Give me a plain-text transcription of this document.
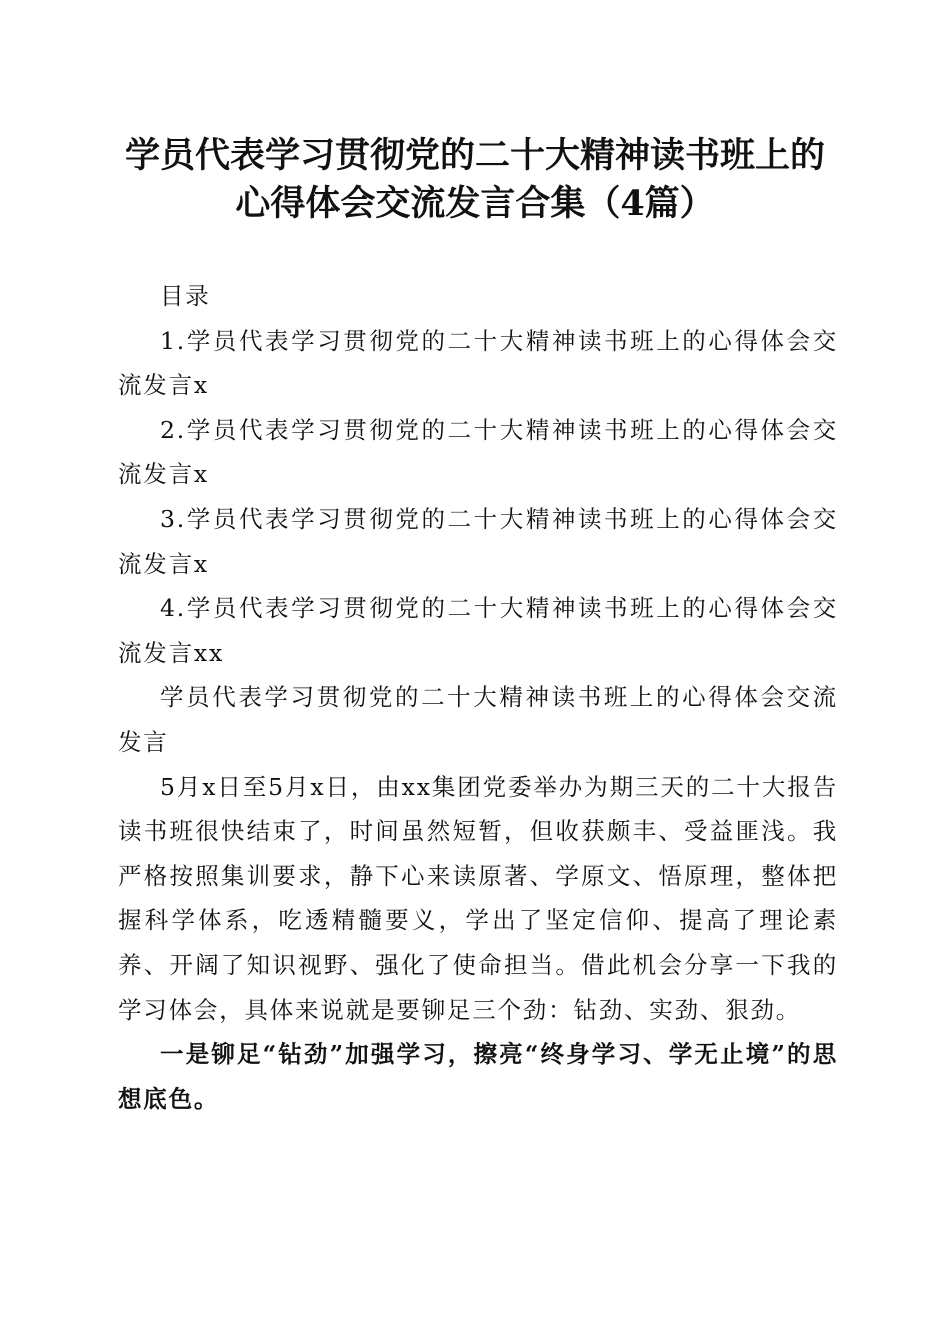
学员代表学习贯彻党的二十大精神读书班上的
心得体会交流发言合集（4篇）

目录

1.学员代表学习贯彻党的二十大精神读书班上的心得体会交流发言x

2.学员代表学习贯彻党的二十大精神读书班上的心得体会交流发言x

3.学员代表学习贯彻党的二十大精神读书班上的心得体会交流发言x

4.学员代表学习贯彻党的二十大精神读书班上的心得体会交流发言xx

学员代表学习贯彻党的二十大精神读书班上的心得体会交流发言

5月x日至5月x日，由xx集团党委举办为期三天的二十大报告读书班很快结束了，时间虽然短暂，但收获颇丰、受益匪浅。我严格按照集训要求，静下心来读原著、学原文、悟原理，整体把握科学体系，吃透精髓要义，学出了坚定信仰、提高了理论素养、开阔了知识视野、强化了使命担当。借此机会分享一下我的学习体会，具体来说就是要铆足三个劲：钻劲、实劲、狠劲。

一是铆足“钻劲”加强学习，擦亮“终身学习、学无止境”的思想底色。
